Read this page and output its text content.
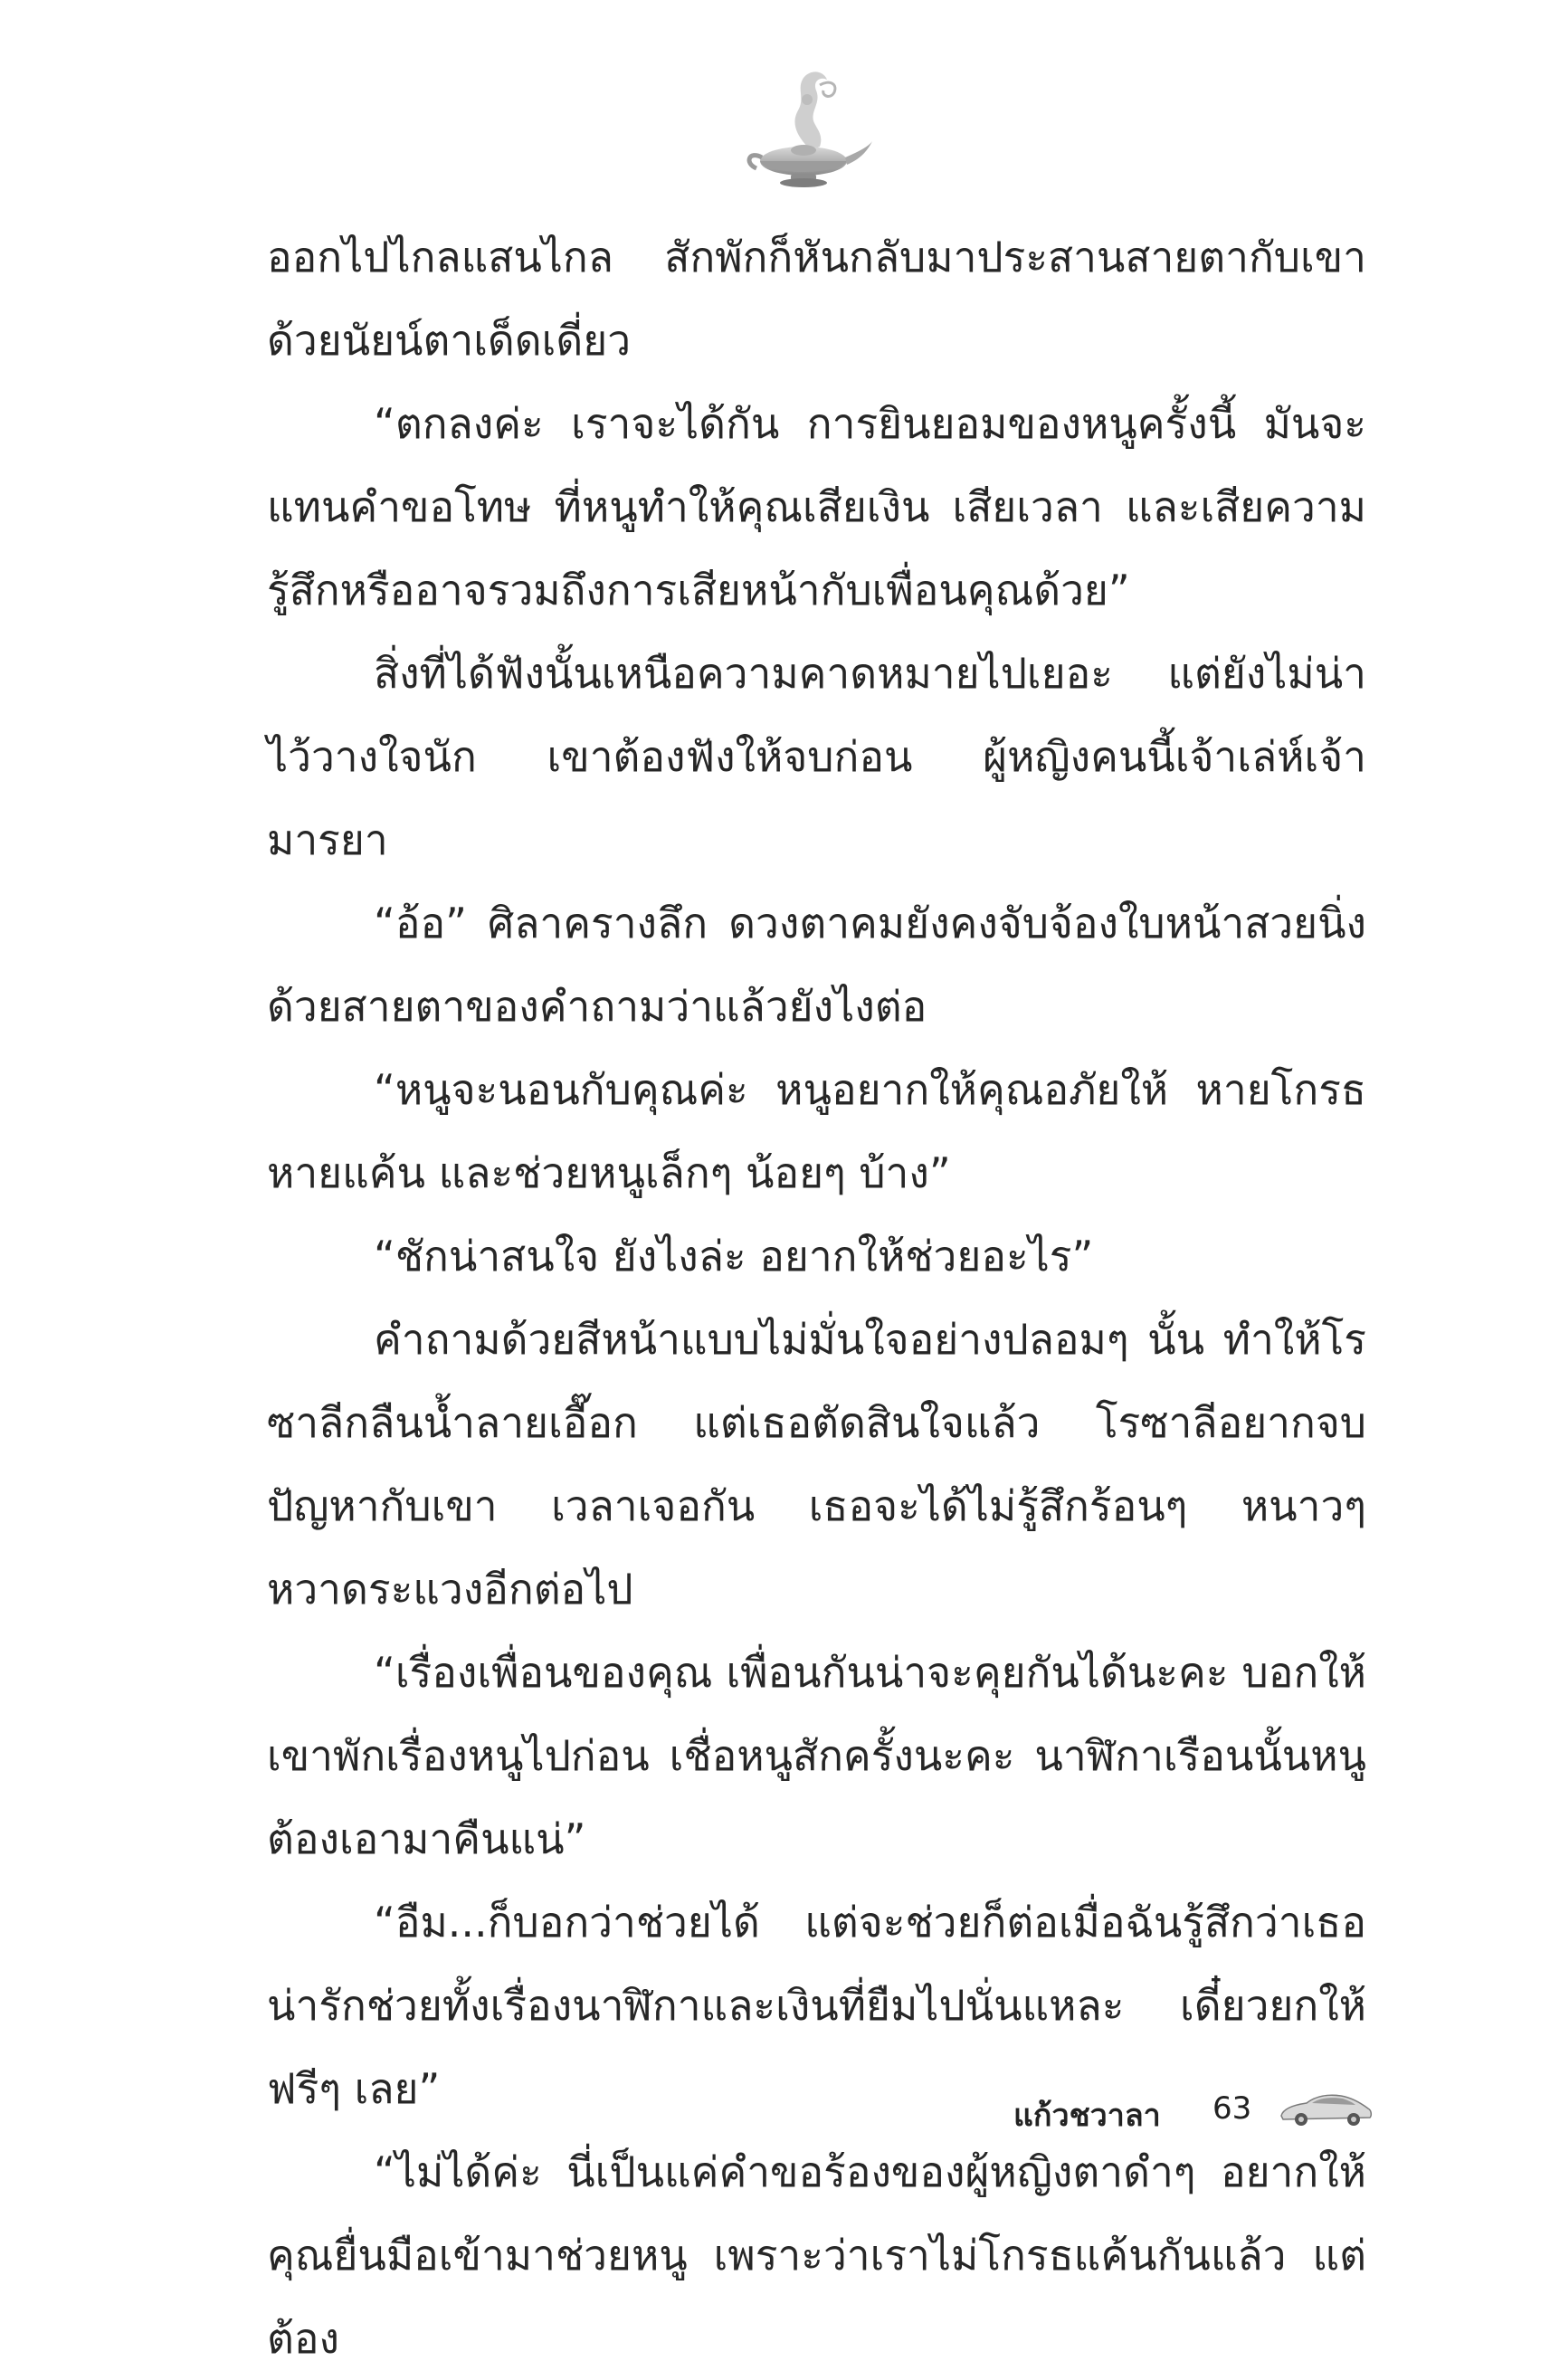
ออกไปไกลแสนไกล สักพักก็หันกลับมาประสานสายตากับเขาด้วยนัยน์ตาเด็ดเดี่ยว

“ตกลงค่ะ เราจะได้กัน การยินยอมของหนูครั้งนี้ มันจะแทนคำขอโทษ ที่หนูทำให้คุณเสียเงิน เสียเวลา และเสียความรู้สึกหรืออาจรวมถึงการเสียหน้ากับเพื่อนคุณด้วย”

สิ่งที่ได้ฟังนั้นเหนือความคาดหมายไปเยอะ แต่ยังไม่น่าไว้วางใจนัก เขาต้องฟังให้จบก่อน ผู้หญิงคนนี้เจ้าเล่ห์เจ้ามารยา

“อ้อ” ศิลาครางลึก ดวงตาคมยังคงจับจ้องใบหน้าสวยนิ่งด้วยสายตาของคำถามว่าแล้วยังไงต่อ

“หนูจะนอนกับคุณค่ะ หนูอยากให้คุณอภัยให้ หายโกรธหายแค้น และช่วยหนูเล็กๆ น้อยๆ บ้าง”

“ชักน่าสนใจ ยังไงล่ะ อยากให้ช่วยอะไร”

คำถามด้วยสีหน้าแบบไม่มั่นใจอย่างปลอมๆ นั้น ทำให้โรซาลีกลืนน้ำลายเอื๊อก แต่เธอตัดสินใจแล้ว โรซาลีอยากจบปัญหากับเขา เวลาเจอกัน เธอจะได้ไม่รู้สึกร้อนๆ หนาวๆ หวาดระแวงอีกต่อไป

“เรื่องเพื่อนของคุณ เพื่อนกันน่าจะคุยกันได้นะคะ บอกให้เขาพักเรื่องหนูไปก่อน เชื่อหนูสักครั้งนะคะ นาฬิกาเรือนนั้นหนูต้องเอามาคืนแน่”

“อืม...ก็บอกว่าช่วยได้ แต่จะช่วยก็ต่อเมื่อฉันรู้สึกว่าเธอน่ารักช่วยทั้งเรื่องนาฬิกาและเงินที่ยืมไปนั่นแหละ เดี๋ยวยกให้ฟรีๆ เลย”

“ไม่ได้ค่ะ นี่เป็นแค่คำขอร้องของผู้หญิงตาดำๆ อยากให้คุณยื่นมือเข้ามาช่วยหนู เพราะว่าเราไม่โกรธแค้นกันแล้ว แต่ต้อง

แก้วชวาลา 63
